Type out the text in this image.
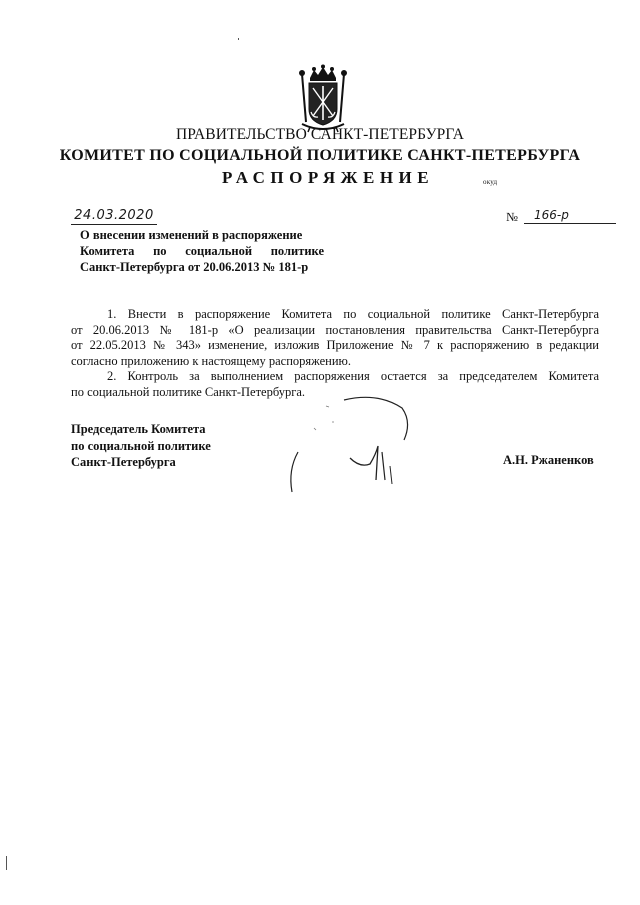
ПРАВИТЕЛЬСТВО САНКТ-ПЕТЕРБУРГА
КОМИТЕТ ПО СОЦИАЛЬНОЙ ПОЛИТИКЕ САНКТ-ПЕТЕРБУРГА
РАСПОРЯЖЕНИЕ	окуд
24.03.2020	№	166-р
О внесении изменений в распоряжение
Комитета по социальной политике
Санкт-Петербурга от 20.06.2013 № 181-р

1. Внести в распоряжение Комитета по социальной политике Санкт-Петербурга
от 20.06.2013 № 181-р «О реализации постановления правительства Санкт-Петербурга
от 22.05.2013 № 343» изменение, изложив Приложение № 7 к распоряжению в редакции
согласно приложению к настоящему распоряжению.

2. Контроль за выполнением распоряжения остается за председателем Комитета
по социальной политике Санкт-Петербурга.

Председатель Комитета
по социальной политике
Санкт-Петербурга	А.Н. Ржаненков
